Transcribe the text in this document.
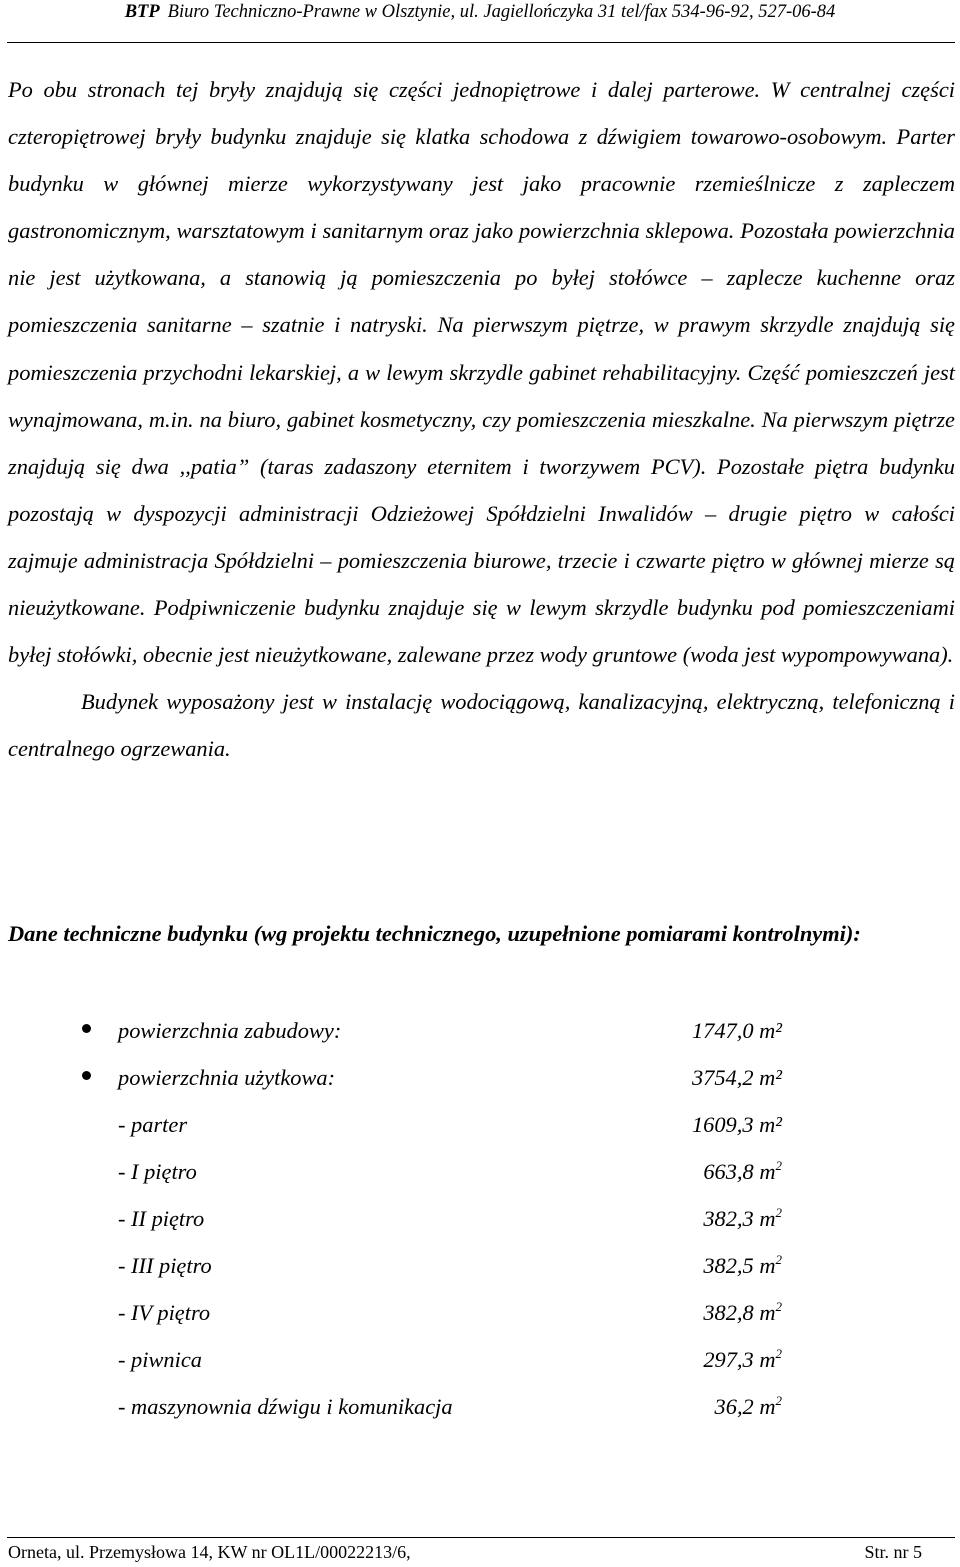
BTP Biuro Techniczno-Prawne w Olsztynie, ul. Jagiellończyka 31 tel/fax 534-96-92, 527-06-84

Po obu stronach tej bryły znajdują się części jednopiętrowe i dalej parterowe. W centralnej części czteropiętrowej bryły budynku znajduje się klatka schodowa z dźwigiem towarowo-osobowym. Parter budynku w głównej mierze wykorzystywany jest jako pracownie rzemieślnicze z zapleczem gastronomicznym, warsztatowym i sanitarnym oraz jako powierzchnia sklepowa. Pozostała powierzchnia nie jest użytkowana, a stanowią ją pomieszczenia po byłej stołówce – zaplecze kuchenne oraz pomieszczenia sanitarne – szatnie i natryski. Na pierwszym piętrze, w prawym skrzydle znajdują się pomieszczenia przychodni lekarskiej, a w lewym skrzydle gabinet rehabilitacyjny. Część pomieszczeń jest wynajmowana, m.in. na biuro, gabinet kosmetyczny, czy pomieszczenia mieszkalne. Na pierwszym piętrze znajdują się dwa ,,patia” (taras zadaszony eternitem i tworzywem PCV). Pozostałe piętra budynku pozostają w dyspozycji administracji Odzieżowej Spółdzielni Inwalidów – drugie piętro w całości zajmuje administracja Spółdzielni – pomieszczenia biurowe, trzecie i czwarte piętro w głównej mierze są nieużytkowane. Podpiwniczenie budynku znajduje się w lewym skrzydle budynku pod pomieszczeniami byłej stołówki, obecnie jest nieużytkowane, zalewane przez wody gruntowe (woda jest wypompowywana).

Budynek wyposażony jest w instalację wodociągową, kanalizacyjną, elektryczną, telefoniczną i centralnego ogrzewania.

Dane techniczne budynku (wg projektu technicznego, uzupełnione pomiarami kontrolnymi):
powierzchnia zabudowy:	1747,0 m²
powierzchnia użytkowa:	3754,2 m²
- parter	1609,3 m²
- I piętro	663,8 $m^2$
- II piętro	382,3 $m^2$
- III piętro	382,5 $m^2$
- IV piętro	382,8 $m^2$
- piwnica	297,3 $m^2$
- maszynownia dźwigu i komunikacja	36,2 $m^2$
Orneta, ul. Przemysłowa 14, KW nr OL1L/00022213/6,	Str. nr 5
